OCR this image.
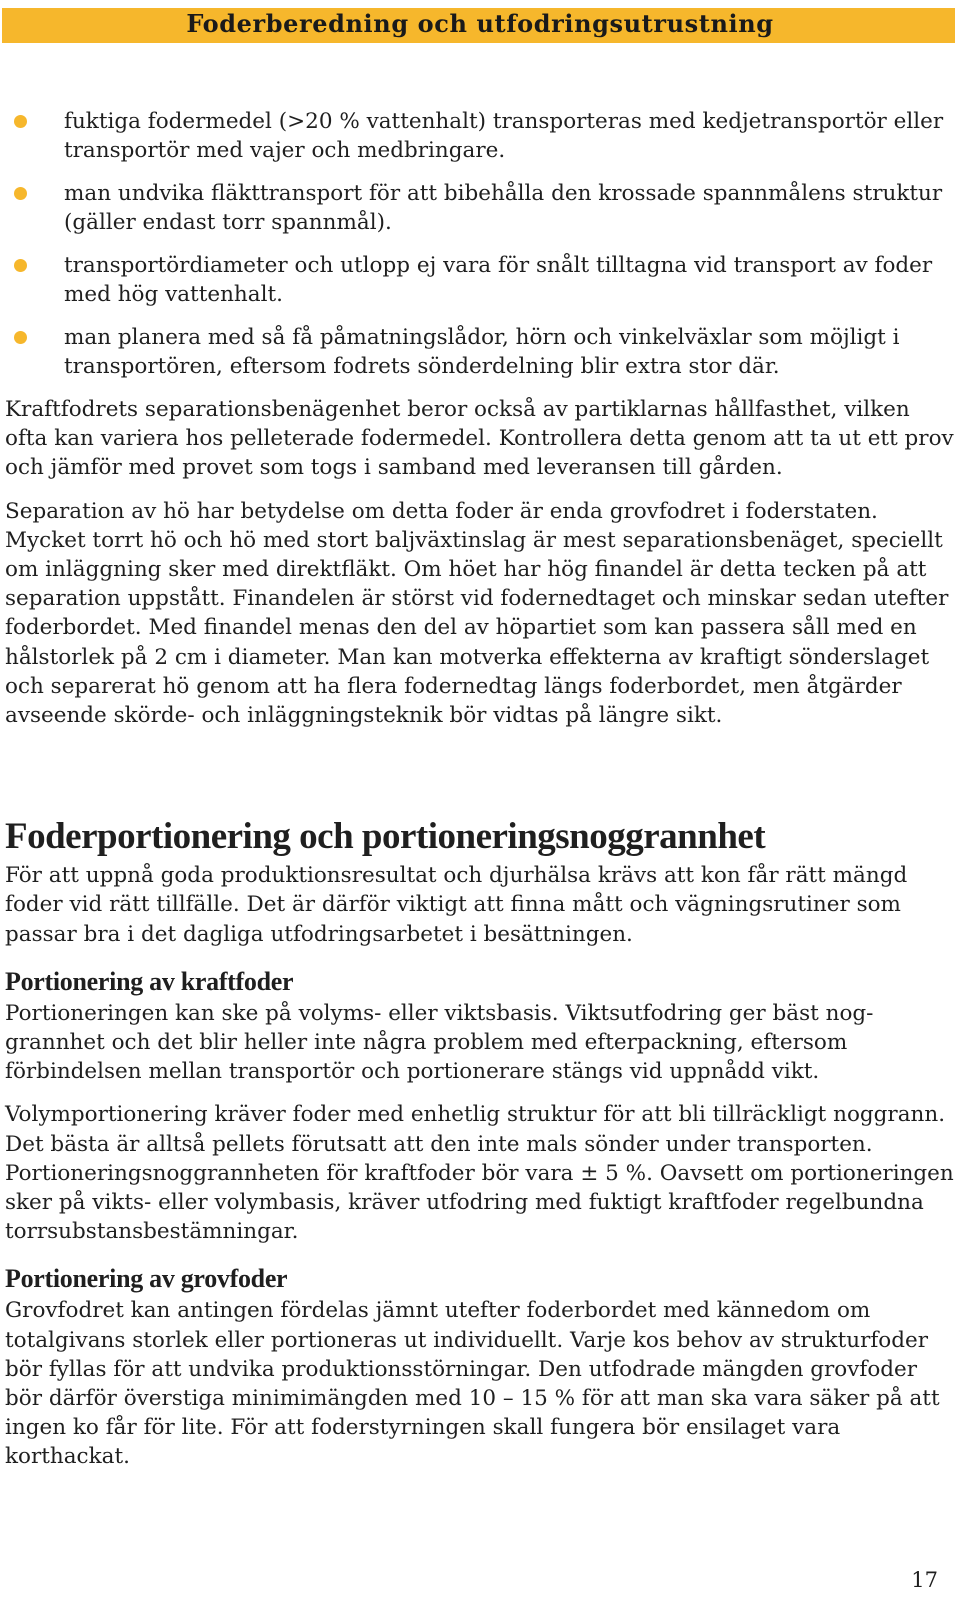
Foderberedning och utfodringsutrustning
fuktiga fodermedel (>20 % vattenhalt) transporteras med kedjetransportör eller transportör med vajer och medbringare.
man undvika fläkttransport för att bibehålla den krossade spannmålens struktur (gäller endast torr spannmål).
transportördiameter och utlopp ej vara för snålt tilltagna vid transport av foder med hög vattenhalt.
man planera med så få påmatningslådor, hörn och vinkelväxlar som möjligt i transportören, eftersom fodrets sönderdelning blir extra stor där.

Kraftfodrets separationsbenägenhet beror också av partiklarnas hållfasthet, vilken ofta kan variera hos pelleterade fodermedel. Kontrollera detta genom att ta ut ett prov och jämför med provet som togs i samband med leveransen till gården.

Separation av hö har betydelse om detta foder är enda grovfodret i foderstaten. Mycket torrt hö och hö med stort baljväxtinslag är mest separationsbenäget, speciellt om inläggning sker med direktfläkt. Om höet har hög finandel är detta tecken på att separation uppstått. Finandelen är störst vid fodernedtaget och minskar sedan utefter foderbordet. Med finandel menas den del av höpartiet som kan passera såll med en hålstorlek på 2 cm i diameter. Man kan motverka effekterna av kraftigt sönderslaget och separerat hö genom att ha flera fodernedtag längs foderbordet, men åtgärder avseende skörde- och inläggningsteknik bör vidtas på längre sikt.

Foderportionering och portioneringsnoggrannhet

För att uppnå goda produktionsresultat och djurhälsa krävs att kon får rätt mängd foder vid rätt tillfälle. Det är därför viktigt att finna mått och vägningsrutiner som passar bra i det dagliga utfodringsarbetet i besättningen.

Portionering av kraftfoder

Portioneringen kan ske på volyms- eller viktsbasis. Viktsutfodring ger bäst noggrannhet och det blir heller inte några problem med efterpackning, eftersom förbindelsen mellan transportör och portionerare stängs vid uppnådd vikt.

Volymportionering kräver foder med enhetlig struktur för att bli tillräckligt noggrann. Det bästa är alltså pellets förutsatt att den inte mals sönder under transporten. Portioneringsnoggrannheten för kraftfoder bör vara ± 5 %. Oavsett om portioneringen sker på vikts- eller volymbasis, kräver utfodring med fuktigt kraftfoder regelbundna torrsubstansbestämningar.

Portionering av grovfoder

Grovfodret kan antingen fördelas jämnt utefter foderbordet med kännedom om totalgivans storlek eller portioneras ut individuellt. Varje kos behov av strukturfoder bör fyllas för att undvika produktionsstörningar. Den utfodrade mängden grovfoder bör därför överstiga minimimängden med 10 – 15 % för att man ska vara säker på att ingen ko får för lite. För att foderstyrningen skall fungera bör ensilaget vara korthackat.

17
